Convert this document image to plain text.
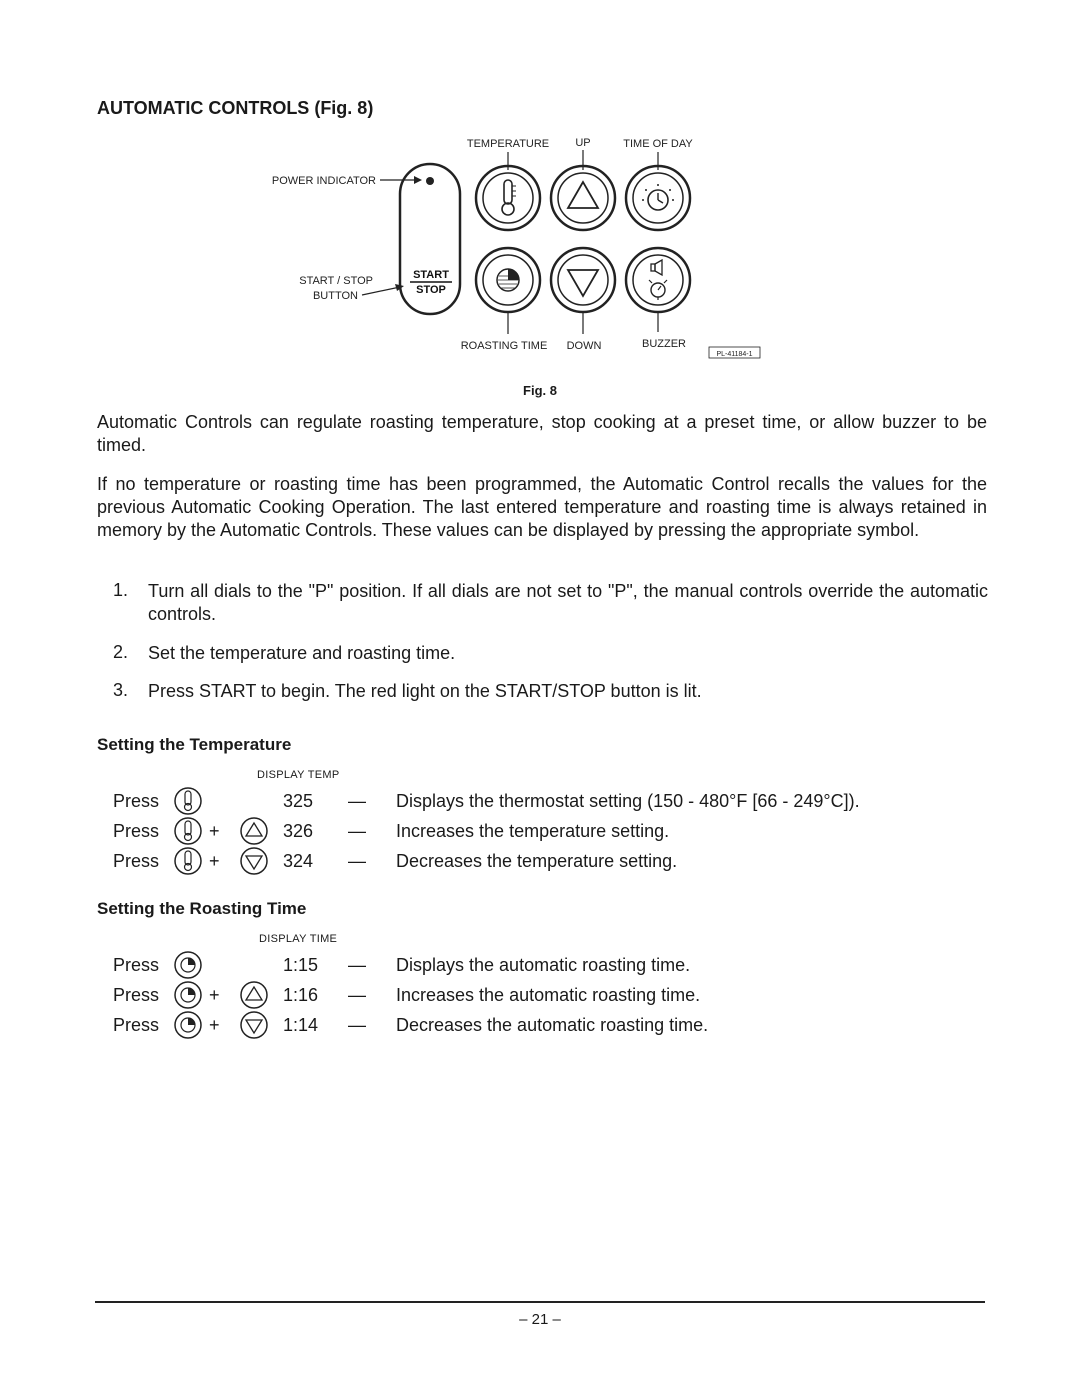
AUTOMATIC CONTROLS (Fig. 8)
TEMPERATURE UP	TIME OF DAY
POWER INDICATOR
START / STOP
BUTTON
START
STOP
ROASTING TIME DOWN	BUZZER
PL-41184-1
Fig. 8
Automatic Controls can regulate roasting temperature, stop cooking at a preset time, or allow buzzer to be timed.
If no temperature or roasting time has been programmed, the Automatic Control recalls the values for the previous Automatic Cooking Operation. The last entered temperature and roasting time is always retained in memory by the Automatic Controls. These values can be displayed by pressing the appropriate symbol.
1. Turn all dials to the "P" position. If all dials are not set to "P", the manual controls override the automatic controls.
2. Set the temperature and roasting time.
3. Press START to begin. The red light on the START/STOP button is lit.
Setting the Temperature
DISPLAY TEMP
Press	325 — Displays the thermostat setting (150 - 480°F [66 - 249°C]).
Press	+	326 — Increases the temperature setting.
Press	+	324 — Decreases the temperature setting.
Setting the Roasting Time
DISPLAY TIME
Press	1:15 — Displays the automatic roasting time.
Press	+	1:16 — Increases the automatic roasting time.
Press	+	1:14 — Decreases the automatic roasting time.
– 21 –
